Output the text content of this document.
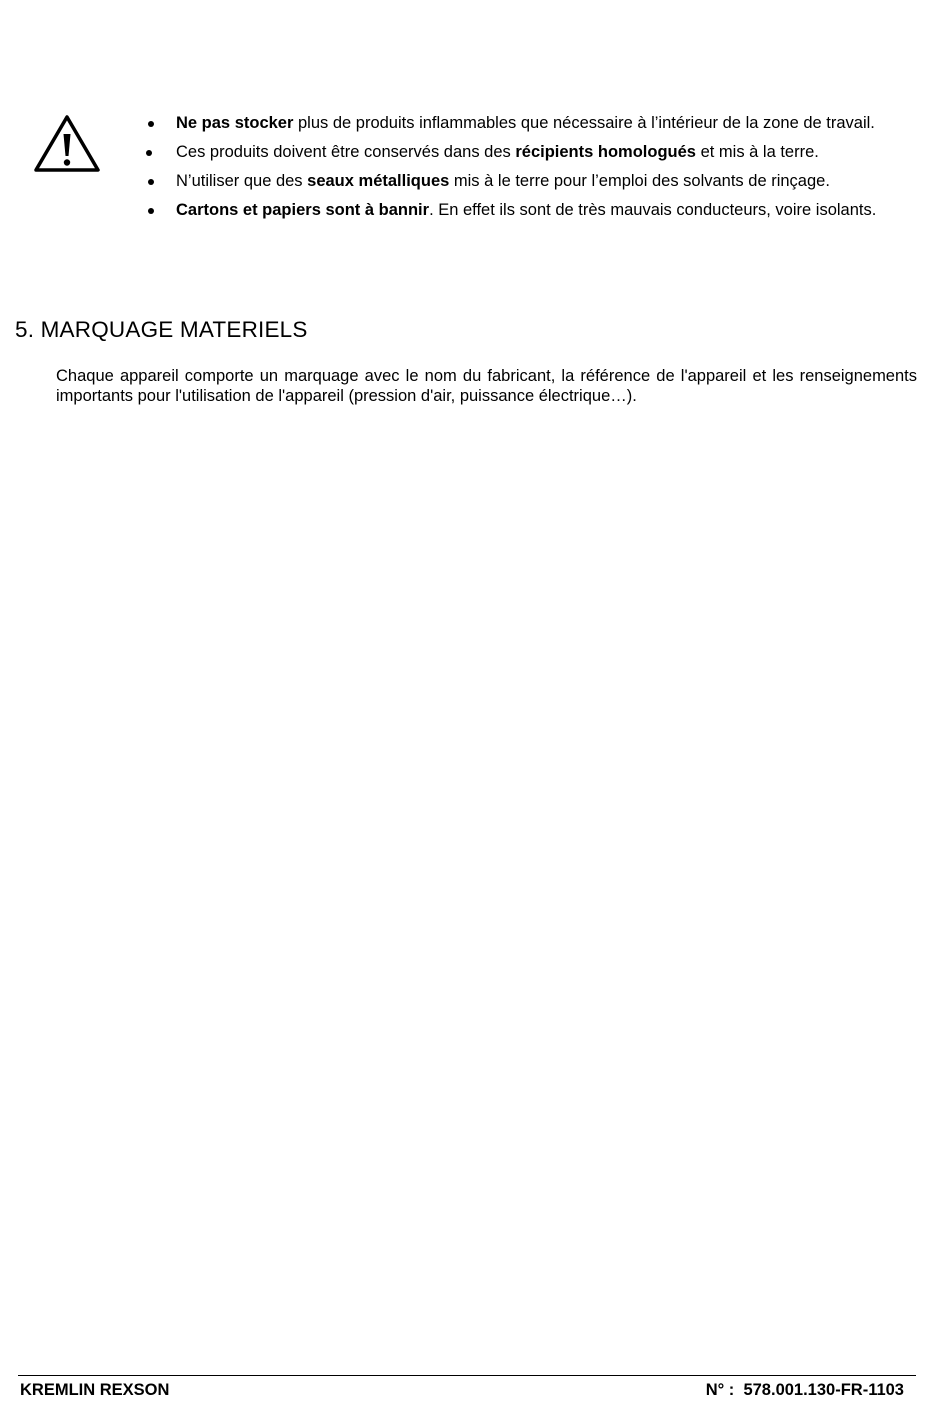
Ne pas stocker plus de produits inflammables que nécessaire à l’intérieur de la zone de travail.
Ces produits doivent être conservés dans des récipients homologués et mis à la terre.
N’utiliser que des seaux métalliques mis à le terre pour l’emploi des solvants de rinçage.
Cartons et papiers sont à bannir. En effet ils sont de très mauvais conducteurs, voire isolants.
5. MARQUAGE MATERIELS

Chaque appareil comporte un marquage avec le nom du fabricant, la référence de l'appareil et les renseignements importants pour l'utilisation de l'appareil (pression d'air, puissance électrique…).

KREMLIN REXSON	N° :  578.001.130-FR-1103
